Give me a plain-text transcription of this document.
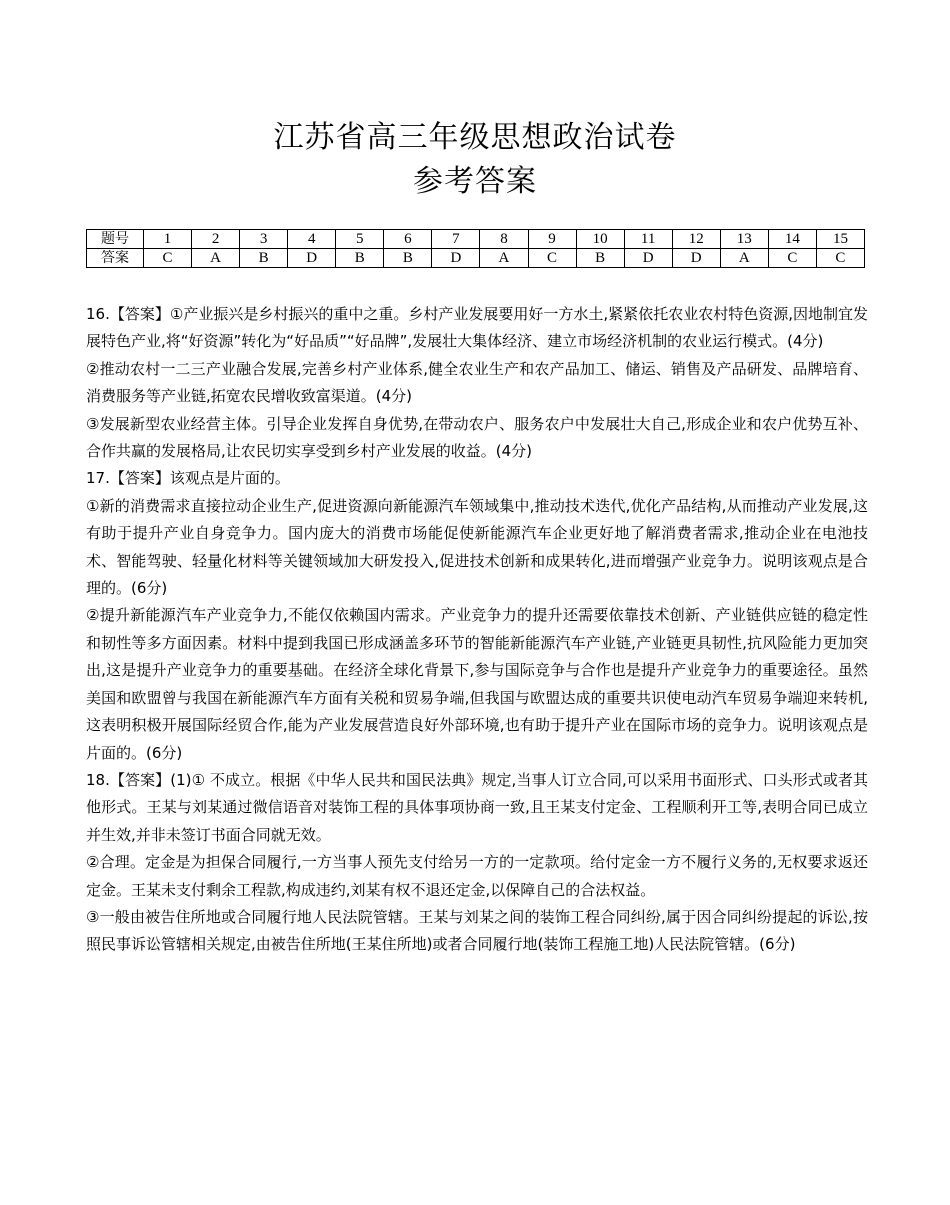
江苏省高三年级思想政治试卷
参考答案
题号	1	2	3	4	5	6	7	8	9	10	11	12	13	14	15
答案	C	A	B	D	B	B	D	A	C	B	D	D	A	C	C

16.【答案】①产业振兴是乡村振兴的重中之重。乡村产业发展要用好一方水土,紧紧依托农业农村特色资源,因地制宜发展特色产业,将“好资源”转化为“好品质”“好品牌”,发展壮大集体经济、建立市场经济机制的农业运行模式。(4分)

②推动农村一二三产业融合发展,完善乡村产业体系,健全农业生产和农产品加工、储运、销售及产品研发、品牌培育、消费服务等产业链,拓宽农民增收致富渠道。(4分)

③发展新型农业经营主体。引导企业发挥自身优势,在带动农户、服务农户中发展壮大自己,形成企业和农户优势互补、合作共赢的发展格局,让农民切实享受到乡村产业发展的收益。(4分)

17.【答案】该观点是片面的。

①新的消费需求直接拉动企业生产,促进资源向新能源汽车领域集中,推动技术迭代,优化产品结构,从而推动产业发展,这有助于提升产业自身竞争力。国内庞大的消费市场能促使新能源汽车企业更好地了解消费者需求,推动企业在电池技术、智能驾驶、轻量化材料等关键领域加大研发投入,促进技术创新和成果转化,进而增强产业竞争力。说明该观点是合理的。(6分)

②提升新能源汽车产业竞争力,不能仅依赖国内需求。产业竞争力的提升还需要依靠技术创新、产业链供应链的稳定性和韧性等多方面因素。材料中提到我国已形成涵盖多环节的智能新能源汽车产业链,产业链更具韧性,抗风险能力更加突出,这是提升产业竞争力的重要基础。在经济全球化背景下,参与国际竞争与合作也是提升产业竞争力的重要途径。虽然美国和欧盟曾与我国在新能源汽车方面有关税和贸易争端,但我国与欧盟达成的重要共识使电动汽车贸易争端迎来转机,这表明积极开展国际经贸合作,能为产业发展营造良好外部环境,也有助于提升产业在国际市场的竞争力。说明该观点是片面的。(6分)

18.【答案】(1)① 不成立。根据《中华人民共和国民法典》规定,当事人订立合同,可以采用书面形式、口头形式或者其他形式。王某与刘某通过微信语音对装饰工程的具体事项协商一致,且王某支付定金、工程顺利开工等,表明合同已成立并生效,并非未签订书面合同就无效。

②合理。定金是为担保合同履行,一方当事人预先支付给另一方的一定款项。给付定金一方不履行义务的,无权要求返还定金。王某未支付剩余工程款,构成违约,刘某有权不退还定金,以保障自己的合法权益。

③一般由被告住所地或合同履行地人民法院管辖。王某与刘某之间的装饰工程合同纠纷,属于因合同纠纷提起的诉讼,按照民事诉讼管辖相关规定,由被告住所地(王某住所地)或者合同履行地(装饰工程施工地)人民法院管辖。(6分)
